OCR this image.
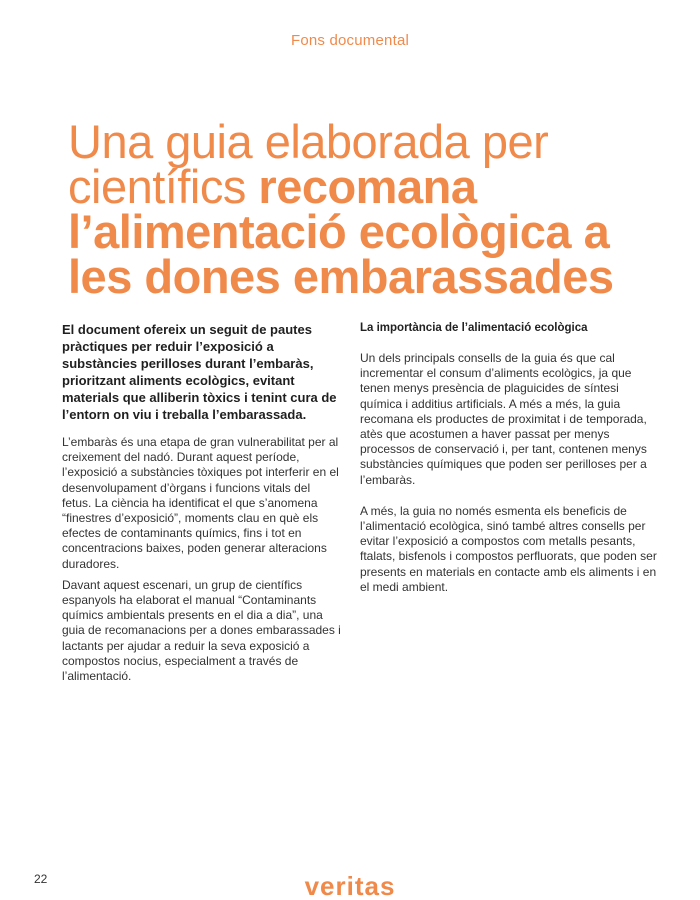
Fons documental
Una guia elaborada per científics recomana l’alimentació ecològica a les dones embarassades

El document ofereix un seguit de pautes pràctiques per reduir l’exposició a substàncies perilloses durant l’embaràs, prioritzant aliments ecològics, evitant materials que alliberin tòxics i tenint cura de l’entorn on viu i treballa l’embarassada.

L’embaràs és una etapa de gran vulnerabilitat per al creixement del nadó. Durant aquest període, l’exposició a substàncies tòxiques pot interferir en el desenvolupament d’òrgans i funcions vitals del fetus. La ciència ha identificat el que s’anomena “finestres d’exposició”, moments clau en què els efectes de contaminants químics, fins i tot en concentracions baixes, poden generar alteracions duradores.

Davant aquest escenari, un grup de científics espanyols ha elaborat el manual “Contaminants químics ambientals presents en el dia a dia”, una guia de recomanacions per a dones embarassades i lactants per ajudar a reduir la seva exposició a compostos nocius, especialment a través de l’alimentació.

La importància de l’alimentació ecològica

Un dels principals consells de la guia és que cal incrementar el consum d’aliments ecològics, ja que tenen menys presència de plaguicides de síntesi química i additius artificials. A més a més, la guia recomana els productes de proximitat i de temporada, atès que acostumen a haver passat per menys processos de conservació i, per tant, contenen menys substàncies químiques que poden ser perilloses per a l’embaràs.

A més, la guia no només esmenta els beneficis de l’alimentació ecològica, sinó també altres consells per evitar l’exposició a compostos com metalls pesants, ftalats, bisfenols i compostos perfluorats, que poden ser presents en materials en contacte amb els aliments i en el medi ambient.

22	veritas
